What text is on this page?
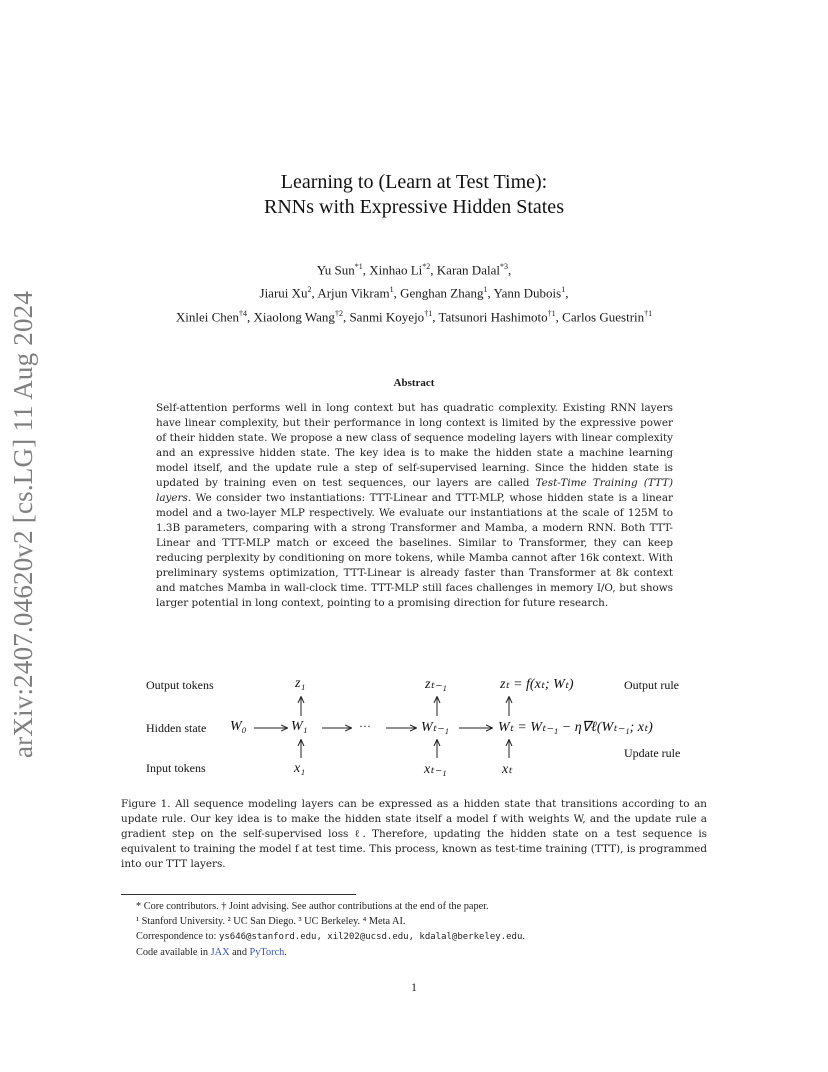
arXiv:2407.04620v2 [cs.LG] 11 Aug 2024
Learning to (Learn at Test Time):
RNNs with Expressive Hidden States
Yu Sun$^{*1}$, Xinhao Li$^{*2}$, Karan Dalal$^{*3}$,
Jiarui Xu$^2$, Arjun Vikram$^1$, Genghan Zhang$^1$, Yann Dubois$^1$,
Xinlei Chen$^{\dagger 4}$, Xiaolong Wang$^{\dagger 2}$, Sanmi Koyejo$^{\dagger 1}$, Tatsunori Hashimoto$^{\dagger 1}$, Carlos Guestrin$^{\dagger 1}$
Abstract

Self-attention performs well in long context but has quadratic complexity. Existing RNN layers have linear complexity, but their performance in long context is limited by the expressive power of their hidden state. We propose a new class of sequence modeling layers with linear complexity and an expressive hidden state. The key idea is to make the hidden state a machine learning model itself, and the update rule a step of self-supervised learning. Since the hidden state is updated by training even on test sequences, our layers are called Test-Time Training (TTT) layers. We consider two instantiations: TTT-Linear and TTT-MLP, whose hidden state is a linear model and a two-layer MLP respectively. We evaluate our instantiations at the scale of 125M to 1.3B parameters, comparing with a strong Transformer and Mamba, a modern RNN. Both TTT-Linear and TTT-MLP match or exceed the baselines. Similar to Transformer, they can keep reducing perplexity by conditioning on more tokens, while Mamba cannot after 16k context. With preliminary systems optimization, TTT-Linear is already faster than Transformer at 8k context and matches Mamba in wall-clock time. TTT-MLP still faces challenges in memory I/O, but shows larger potential in long context, pointing to a promising direction for future research.

Output tokens
Hidden state
Input tokens
Output rule
Update rule
W₀	W₁	···	Wₜ₋₁	Wₜ = Wₜ₋₁ − η∇ℓ(Wₜ₋₁; xₜ)
z₁	zₜ₋₁	zₜ = f(xₜ; Wₜ)
x₁	xₜ₋₁	xₜ

Figure 1. All sequence modeling layers can be expressed as a hidden state that transitions according to an update rule. Our key idea is to make the hidden state itself a model f with weights W, and the update rule a gradient step on the self-supervised loss ℓ. Therefore, updating the hidden state on a test sequence is equivalent to training the model f at test time. This process, known as test-time training (TTT), is programmed into our TTT layers.

* Core contributors. † Joint advising. See author contributions at the end of the paper.
¹ Stanford University. ² UC San Diego. ³ UC Berkeley. ⁴ Meta AI.
Correspondence to: ys646@stanford.edu, xil202@ucsd.edu, kdalal@berkeley.edu.
Code available in JAX and PyTorch.
1
